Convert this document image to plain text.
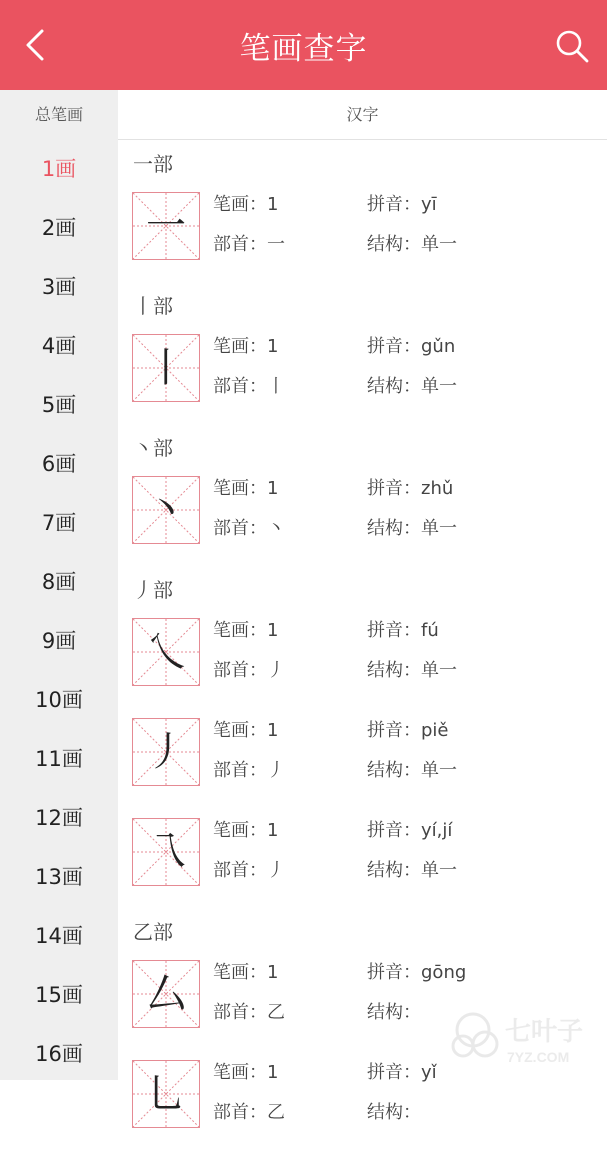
笔画查字
总笔画
1画
2画
3画
4画
5画
6画
7画
8画
9画
10画
11画
12画
13画
14画
15画
16画
汉字
一部
一	笔画：1	拼音：yī
部首：一	结构：单一
丨部
丨	笔画：1	拼音：gǔn
部首：丨	结构：单一
丶部
丶	笔画：1	拼音：zhǔ
部首：丶	结构：单一
丿部
乀	笔画：1	拼音：fú
部首：丿	结构：单一
丿	笔画：1	拼音：piě
部首：丿	结构：单一
乁	笔画：1	拼音：yí,jí
部首：丿	结构：单一
乙部
厶	笔画：1	拼音：gōng
部首：乙	结构：
乚	笔画：1	拼音：yǐ
部首：乙	结构：
七叶子
7YZ.COM
